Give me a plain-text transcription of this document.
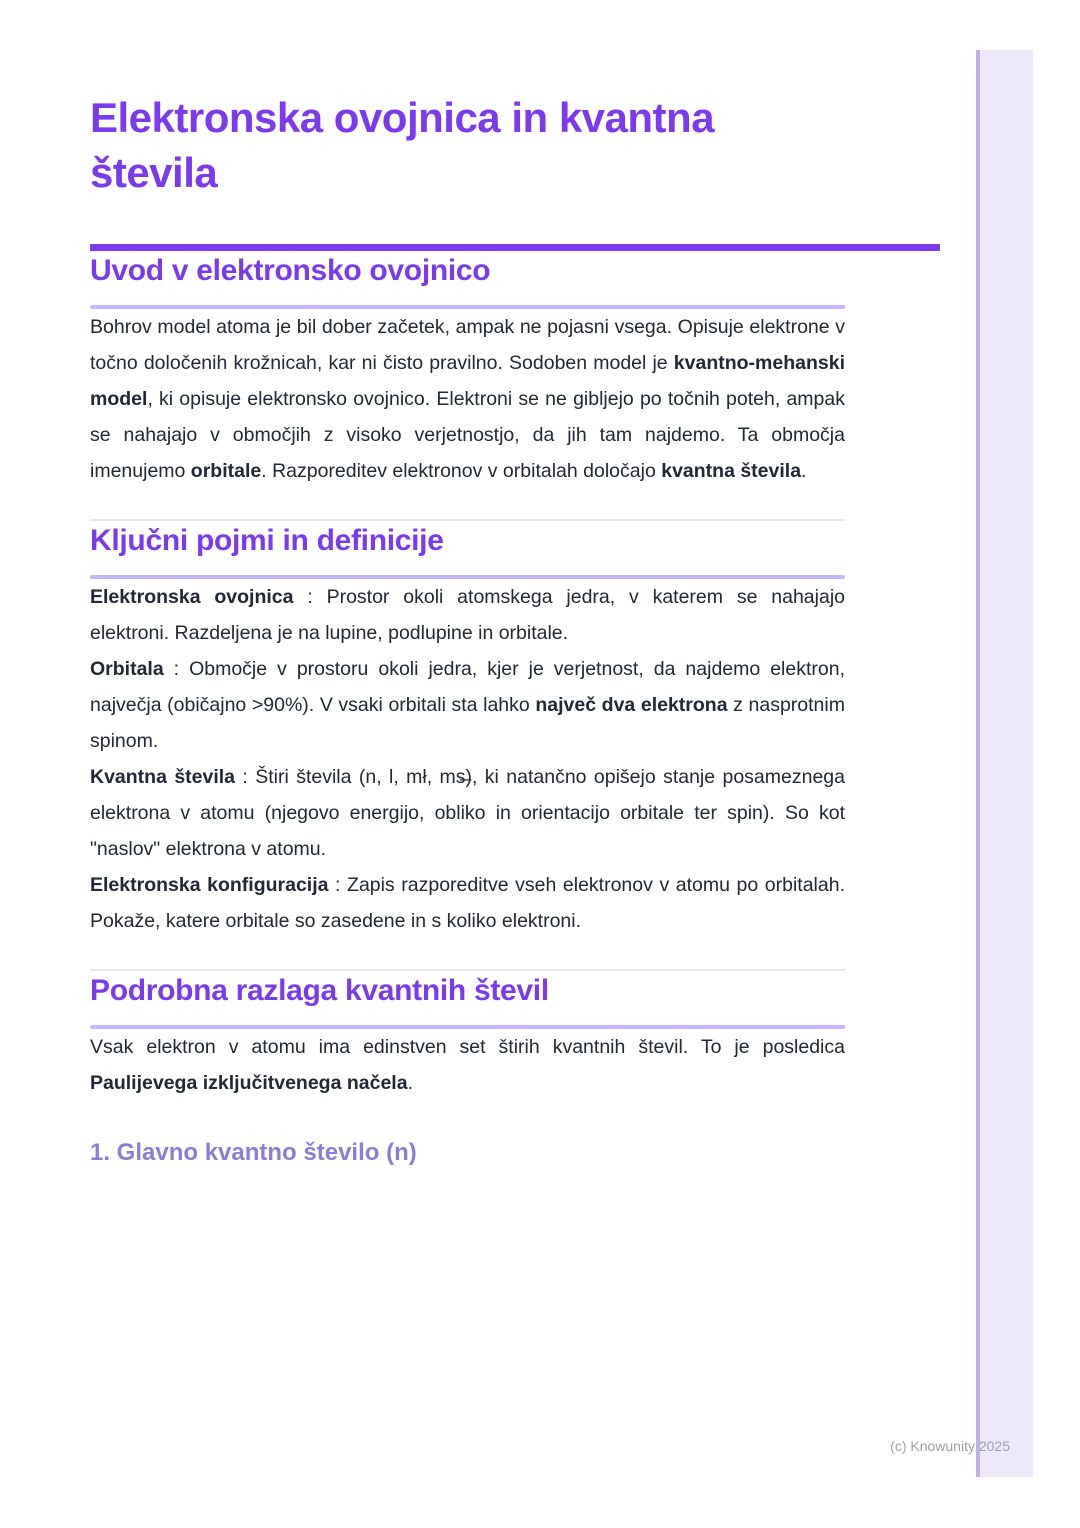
Elektronska ovojnica in kvantna števila
Uvod v elektronsko ovojnico

Bohrov model atoma je bil dober začetek, ampak ne pojasni vsega. Opisuje elektrone v točno določenih krožnicah, kar ni čisto pravilno. Sodoben model je kvantno-mehanski model, ki opisuje elektronsko ovojnico. Elektroni se ne gibljejo po točnih poteh, ampak se nahajajo v območjih z visoko verjetnostjo, da jih tam najdemo. Ta območja imenujemo orbitale. Razporeditev elektronov v orbitalah določajo kvantna števila.

Ključni pojmi in definicije

Elektronska ovojnica : Prostor okoli atomskega jedra, v katerem se nahajajo elektroni. Razdeljena je na lupine, podlupine in orbitale.

Orbitala : Območje v prostoru okoli jedra, kjer je verjetnost, da najdemo elektron, največja (običajno >90%). V vsaki orbitali sta lahko največ dva elektrona z nasprotnim spinom.

Kvantna števila : Štiri števila (n, l, mł, ms̶), ki natančno opišejo stanje posameznega elektrona v atomu (njegovo energijo, obliko in orientacijo orbitale ter spin). So kot "naslov" elektrona v atomu.

Elektronska konfiguracija : Zapis razporeditve vseh elektronov v atomu po orbitalah. Pokaže, katere orbitale so zasedene in s koliko elektroni.

Podrobna razlaga kvantnih števil

Vsak elektron v atomu ima edinstven set štirih kvantnih števil. To je posledica Paulijevega izključitvenega načela.

1. Glavno kvantno število (n)
(c) Knowunity 2025
